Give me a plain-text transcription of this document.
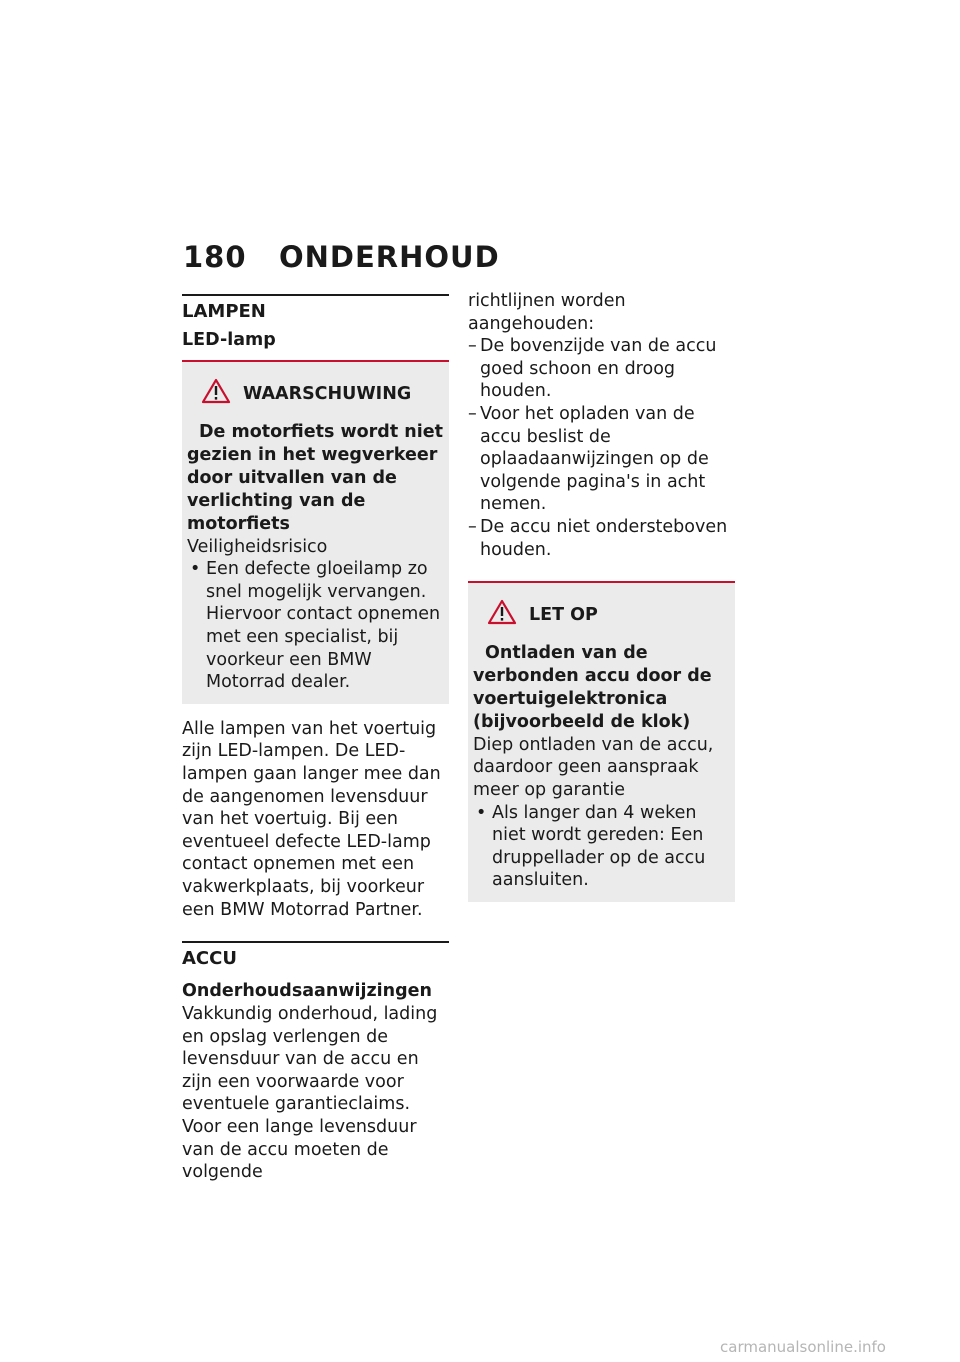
180 ONDERHOUD
LAMPEN
LED-lamp
WAARSCHUWING

De motorfiets wordt niet gezien in het wegverkeer door uitvallen van de verlichting van de motorfiets

Veiligheidsrisico

• Een defecte gloeilamp zo snel mogelijk vervangen. Hiervoor contact opnemen met een specialist, bij voorkeur een BMW Motorrad dealer.

Alle lampen van het voertuig zijn LED-lampen. De LED-lampen gaan langer mee dan de aangenomen levensduur van het voertuig. Bij een eventueel defecte LED-lamp contact opnemen met een vakwerkplaats, bij voorkeur een BMW Motorrad Partner.

ACCU
Onderhoudsaanwijzingen

Vakkundig onderhoud, lading en opslag verlengen de levensduur van de accu en zijn een voorwaarde voor eventuele garantieclaims.

Voor een lange levensduur van de accu moeten de volgende

richtlijnen worden aangehouden:

– De bovenzijde van de accu goed schoon en droog houden.
– Voor het opladen van de accu beslist de oplaadaanwijzingen op de volgende pagina's in acht nemen.
– De accu niet ondersteboven houden.
LET OP

Ontladen van de verbonden accu door de voertuigelektronica (bijvoorbeeld de klok)

Diep ontladen van de accu, daardoor geen aanspraak meer op garantie

• Als langer dan 4 weken niet wordt gereden: Een druppellader op de accu aansluiten.

carmanualsonline.info
